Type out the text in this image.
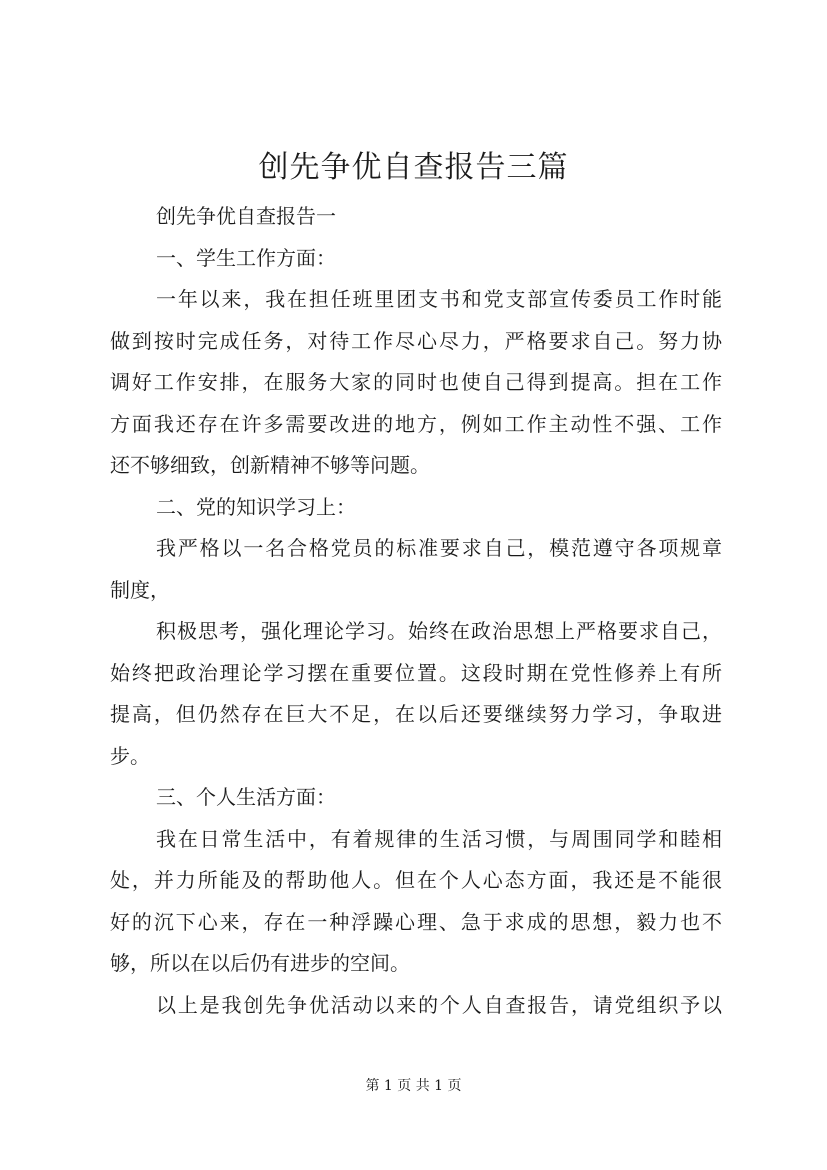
创先争优自查报告三篇
创先争优自查报告一
一、学生工作方面：
一年以来，我在担任班里团支书和党支部宣传委员工作时能
做到按时完成任务，对待工作尽心尽力，严格要求自己。努力协
调好工作安排，在服务大家的同时也使自己得到提高。担在工作
方面我还存在许多需要改进的地方，例如工作主动性不强、工作
还不够细致，创新精神不够等问题。
二、党的知识学习上：
我严格以一名合格党员的标准要求自己，模范遵守各项规章
制度，
积极思考，强化理论学习。始终在政治思想上严格要求自己，
始终把政治理论学习摆在重要位置。这段时期在党性修养上有所
提高，但仍然存在巨大不足，在以后还要继续努力学习，争取进
步。
三、个人生活方面：
我在日常生活中，有着规律的生活习惯，与周围同学和睦相
处，并力所能及的帮助他人。但在个人心态方面，我还是不能很
好的沉下心来，存在一种浮躁心理、急于求成的思想，毅力也不
够，所以在以后仍有进步的空间。
以上是我创先争优活动以来的个人自查报告，请党组织予以
第 1 页 共 1 页
